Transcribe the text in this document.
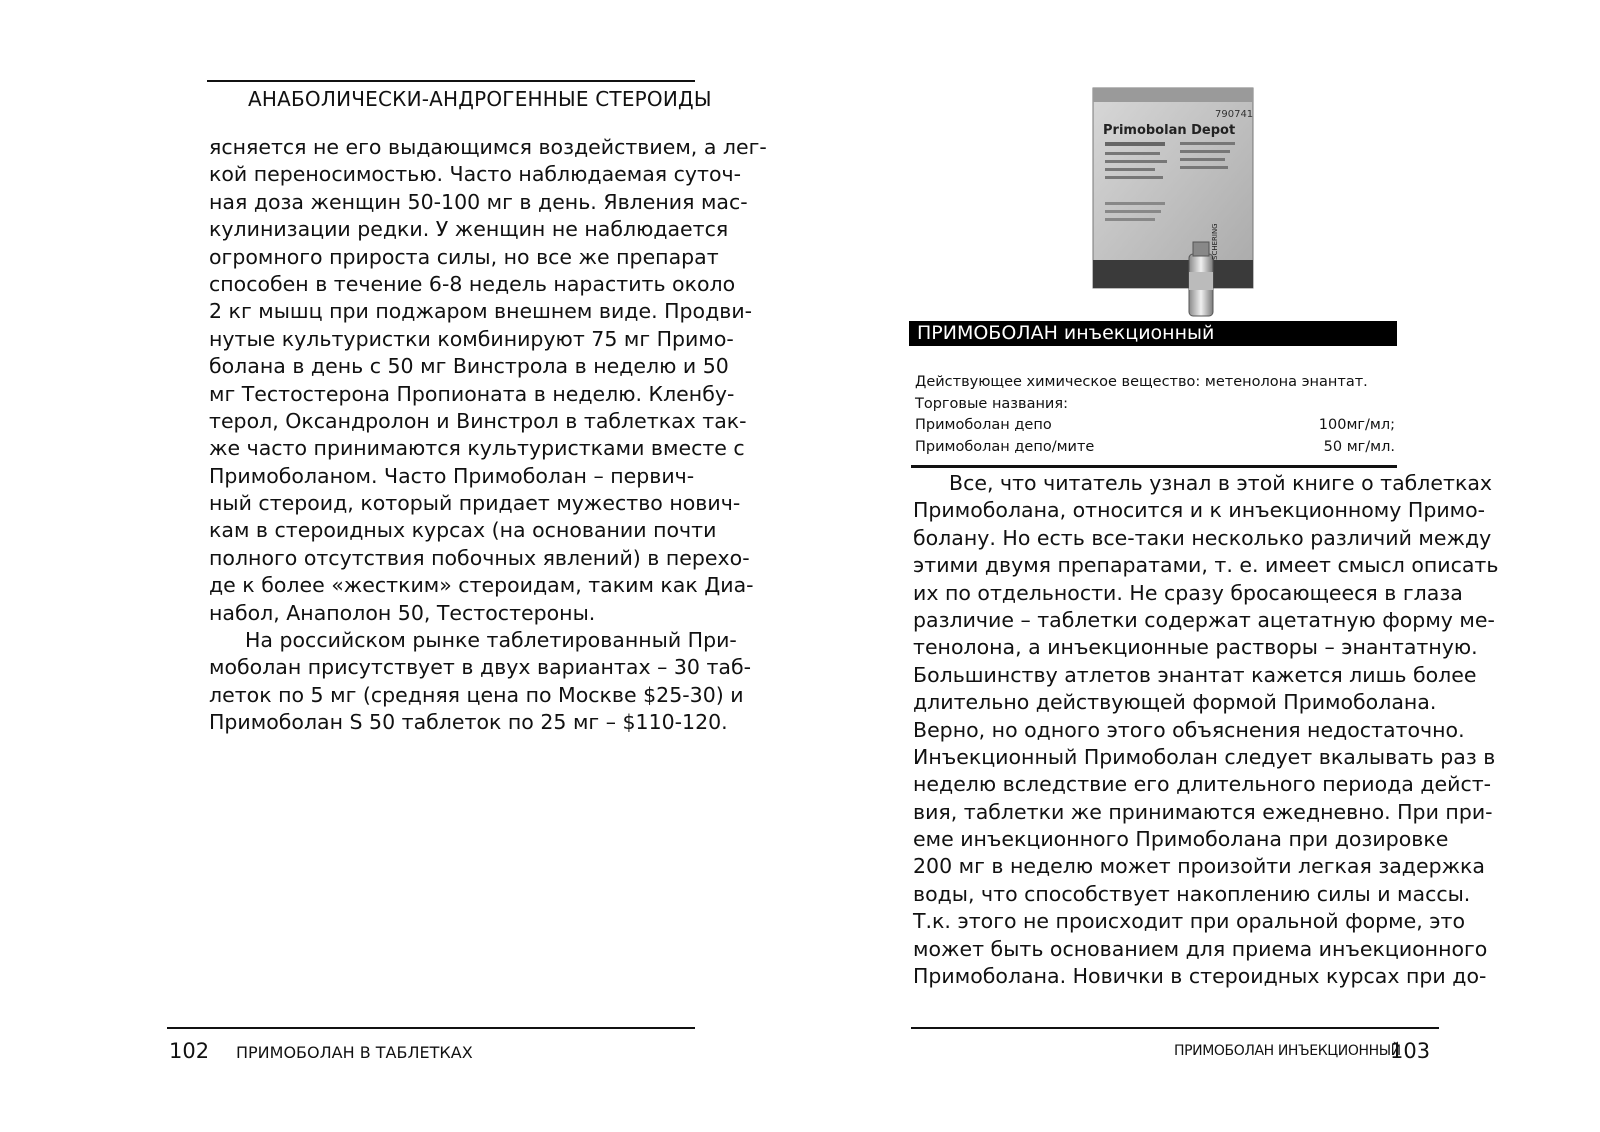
АНАБОЛИЧЕСКИ-АНДРОГЕННЫЕ СТЕРОИДЫ
ясняется не его выдающимся воздействием, а лег-
кой переносимостью. Часто наблюдаемая суточ-
ная доза женщин 50-100 мг в день. Явления мас-
кулинизации редки. У женщин не наблюдается
огромного прироста силы, но все же препарат
способен в течение 6-8 недель нарастить около
2 кг мышц при поджаром внешнем виде. Продви-
нутые культуристки комбинируют 75 мг Примо-
болана в день с 50 мг Винстрола в неделю и 50
мг Тестостерона Пропионата в неделю. Кленбу-
терол, Оксандролон и Винстрол в таблетках так-
же часто принимаются культуристками вместе с
Примоболаном. Часто Примоболан – первич-
ный стероид, который придает мужество нович-
кам в стероидных курсах (на основании почти
полного отсутствия побочных явлений) в перехо-
де к более «жестким» стероидам, таким как Диа-
набол, Анаполон 50, Тестостероны.
На российском рынке таблетированный При-
моболан присутствует в двух вариантах – 30 таб-
леток по 5 мг (средняя цена по Москве $25-30) и
Примоболан S 50 таблеток по 25 мг – $110-120.
102 ПРИМОБОЛАН В ТАБЛЕТКАХ
790741
Primobolan Depot
SCHERING
ПРИМОБОЛАН инъекционный
Действующее химическое вещество: метенолона энантат.
Торговые названия:
Примоболан депо	100мг/мл;
Примоболан депо/мите	50 мг/мл.
Все, что читатель узнал в этой книге о таблетках
Примоболана, относится и к инъекционному Примо-
болану. Но есть все-таки несколько различий между
этими двумя препаратами, т. е. имеет смысл описать
их по отдельности. Не сразу бросающееся в глаза
различие – таблетки содержат ацетатную форму ме-
тенолона, а инъекционные растворы – энантатную.
Большинству атлетов энантат кажется лишь более
длительно действующей формой Примоболана.
Верно, но одного этого объяснения недостаточно.
Инъекционный Примоболан следует вкалывать раз в
неделю вследствие его длительного периода дейст-
вия, таблетки же принимаются ежедневно. При при-
еме инъекционного Примоболана при дозировке
200 мг в неделю может произойти легкая задержка
воды, что способствует накоплению силы и массы.
Т.к. этого не происходит при оральной форме, это
может быть основанием для приема инъекционного
Примоболана. Новички в стероидных курсах при до-
ПРИМОБОЛАН ИНЪЕКЦИОННЫЙ
103
